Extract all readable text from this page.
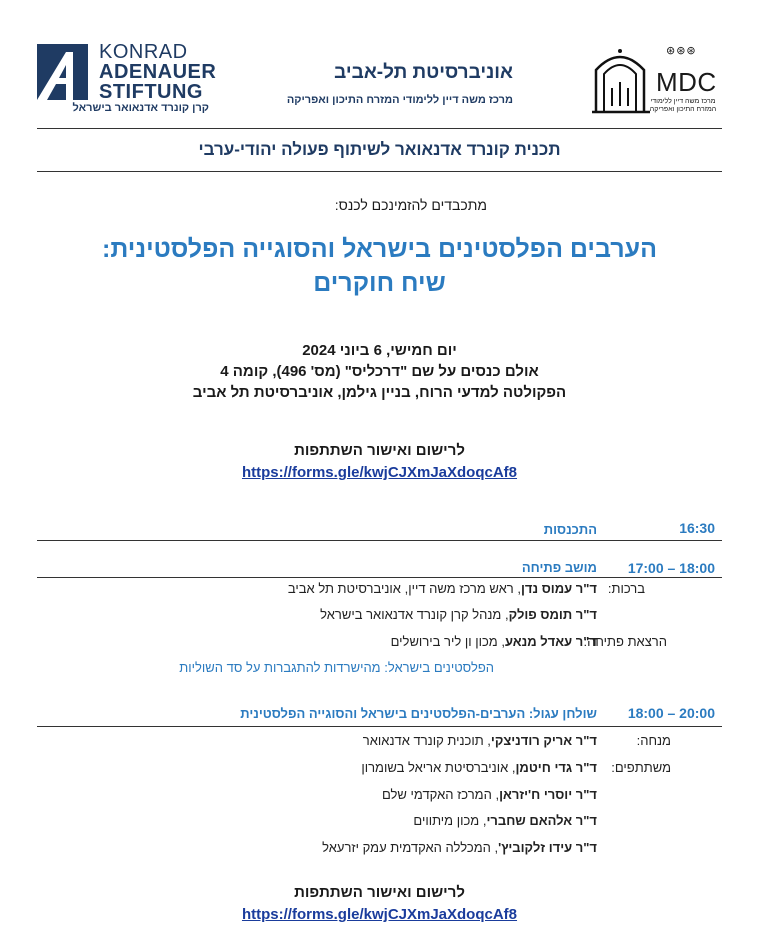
KONRAD
ADENAUER
STIFTUNG
קרן קונרד אדנאואר בישראל
אוניברסיטת תל-אביב
מרכז משה דיין ללימודי המזרח התיכון ואפריקה
⊛⊛⊛
MDC
מרכז משה דיין ללימודי המזרח התיכון ואפריקה
תכנית קונרד אדנאואר לשיתוף פעולה יהודי-ערבי
מתכבדים להזמינכם לכנס:
הערבים הפלסטינים בישראל והסוגייה הפלסטינית:
שיח חוקרים
יום חמישי, 6 ביוני 2024
אולם כנסים על שם "דרכליס" (מס' 496), קומה 4
הפקולטה למדעי הרוח, בניין גילמן, אוניברסיטת תל אביב
לרישום ואישור השתתפות
https://forms.gle/kwjCJXmJaXdoqcAf8
16:30
התכנסות
17:00 – 18:00
מושב פתיחה
ברכות:
ד"ר עמוס נדן, ראש מרכז משה דיין, אוניברסיטת תל אביב
ד"ר תומס פולק, מנהל קרן קונרד אדנאואר בישראל
הרצאת פתיחה:
ד"ר עאדל מנאע, מכון ון ליר בירושלים
הפלסטינים בישראל: מהישרדות להתגברות על סד השוליות
18:00 – 20:00
שולחן עגול: הערבים-הפלסטינים בישראל והסוגייה הפלסטינית
מנחה:
ד"ר אריק רודניצקי, תוכנית קונרד אדנאואר
משתתפים:
ד"ר גדי חיטמן, אוניברסיטת אריאל בשומרון
ד"ר יוסרי ח'יזראן, המרכז האקדמי שלם
ד"ר אלהאם שחברי, מכון מיתווים
ד"ר עידו זלקוביץ', המכללה האקדמית עמק יזרעאל
לרישום ואישור השתתפות
https://forms.gle/kwjCJXmJaXdoqcAf8
